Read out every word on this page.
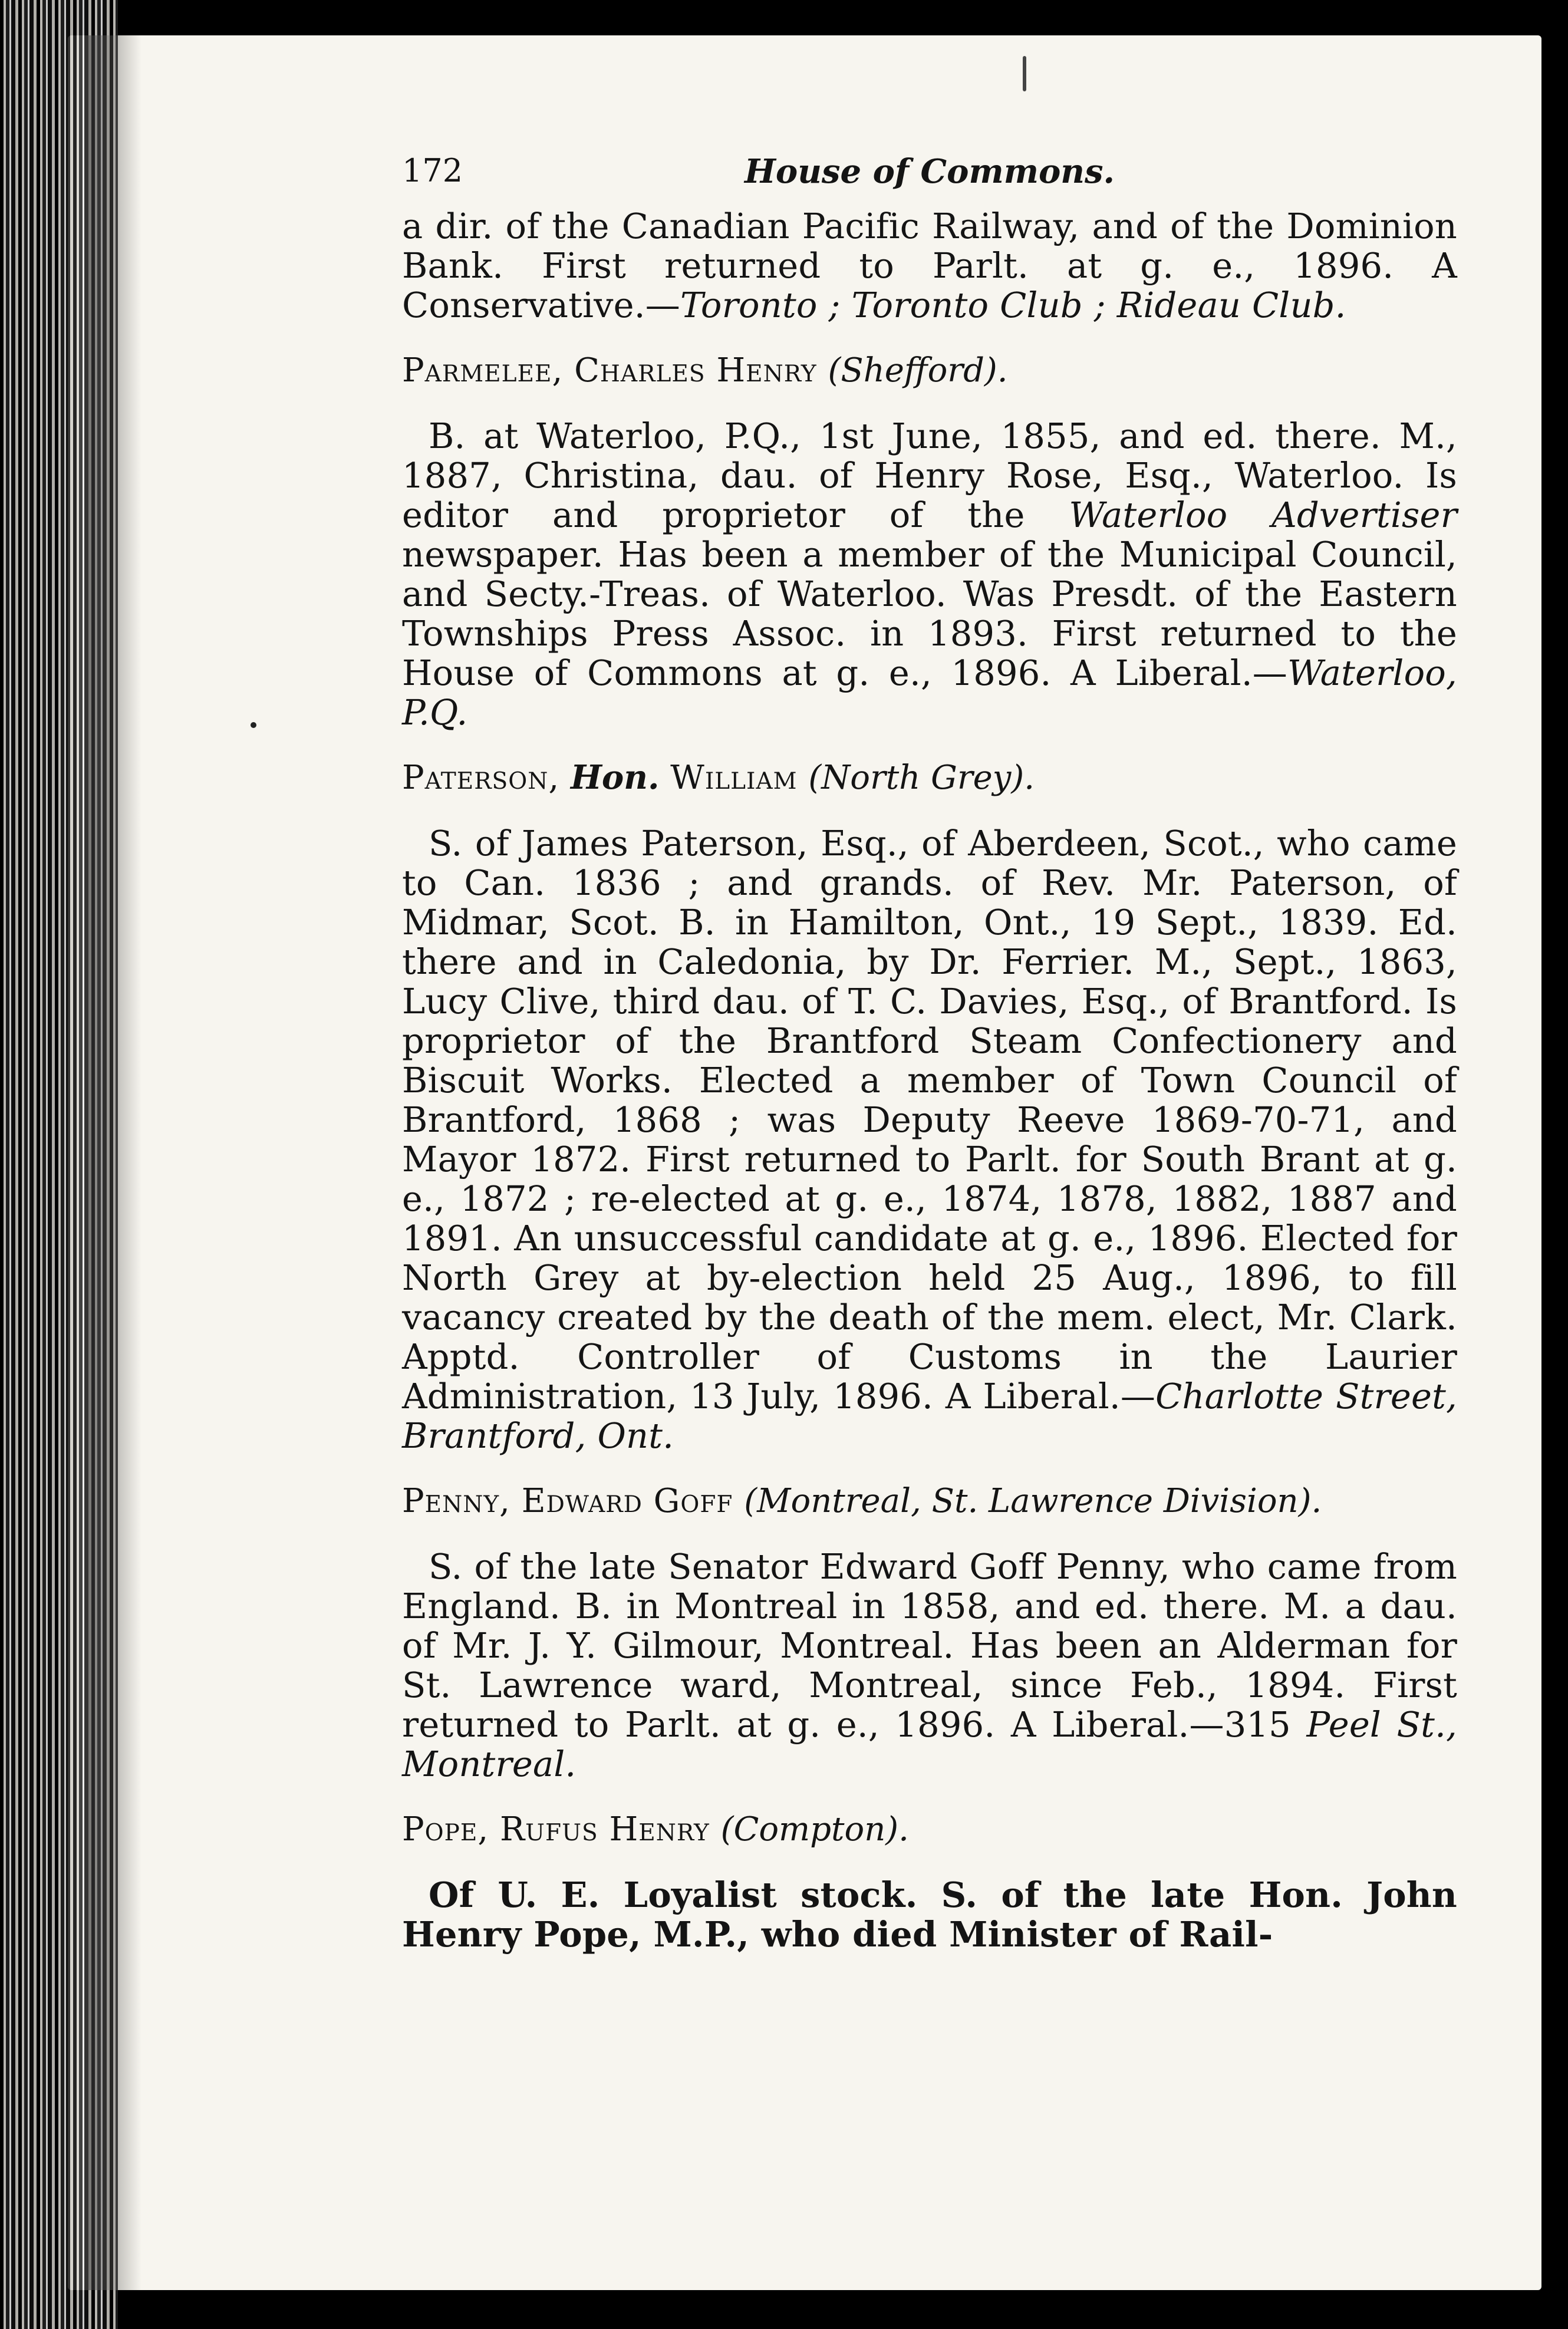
172	House of Commons.

a dir. of the Canadian Pacific Railway, and of the Dominion Bank. First returned to Parlt. at g. e., 1896. A Conservative.—Toronto ; Toronto Club ; Rideau Club.

Parmelee, Charles Henry (Shefford).

B. at Waterloo, P.Q., 1st June, 1855, and ed. there. M., 1887, Christina, dau. of Henry Rose, Esq., Waterloo. Is editor and proprietor of the Waterloo Advertiser newspaper. Has been a member of the Municipal Council, and Secty.-Treas. of Waterloo. Was Presdt. of the Eastern Townships Press Assoc. in 1893. First returned to the House of Commons at g. e., 1896. A Liberal.—Waterloo, P.Q.

Paterson, Hon. William (North Grey).

S. of James Paterson, Esq., of Aberdeen, Scot., who came to Can. 1836 ; and grands. of Rev. Mr. Paterson, of Midmar, Scot. B. in Hamilton, Ont., 19 Sept., 1839. Ed. there and in Caledonia, by Dr. Ferrier. M., Sept., 1863, Lucy Clive, third dau. of T. C. Davies, Esq., of Brantford. Is proprietor of the Brantford Steam Confectionery and Biscuit Works. Elected a member of Town Council of Brantford, 1868 ; was Deputy Reeve 1869-70-71, and Mayor 1872. First returned to Parlt. for South Brant at g. e., 1872 ; re-elected at g. e., 1874, 1878, 1882, 1887 and 1891. An unsuccessful candidate at g. e., 1896. Elected for North Grey at by-election held 25 Aug., 1896, to fill vacancy created by the death of the mem. elect, Mr. Clark. Apptd. Controller of Customs in the Laurier Administration, 13 July, 1896. A Liberal.—Charlotte Street, Brantford, Ont.

Penny, Edward Goff (Montreal, St. Lawrence Division).

S. of the late Senator Edward Goff Penny, who came from England. B. in Montreal in 1858, and ed. there. M. a dau. of Mr. J. Y. Gilmour, Montreal. Has been an Alderman for St. Lawrence ward, Montreal, since Feb., 1894. First returned to Parlt. at g. e., 1896. A Liberal.—315 Peel St., Montreal.

Pope, Rufus Henry (Compton).

Of U. E. Loyalist stock. S. of the late Hon. John Henry Pope, M.P., who died Minister of Rail-
